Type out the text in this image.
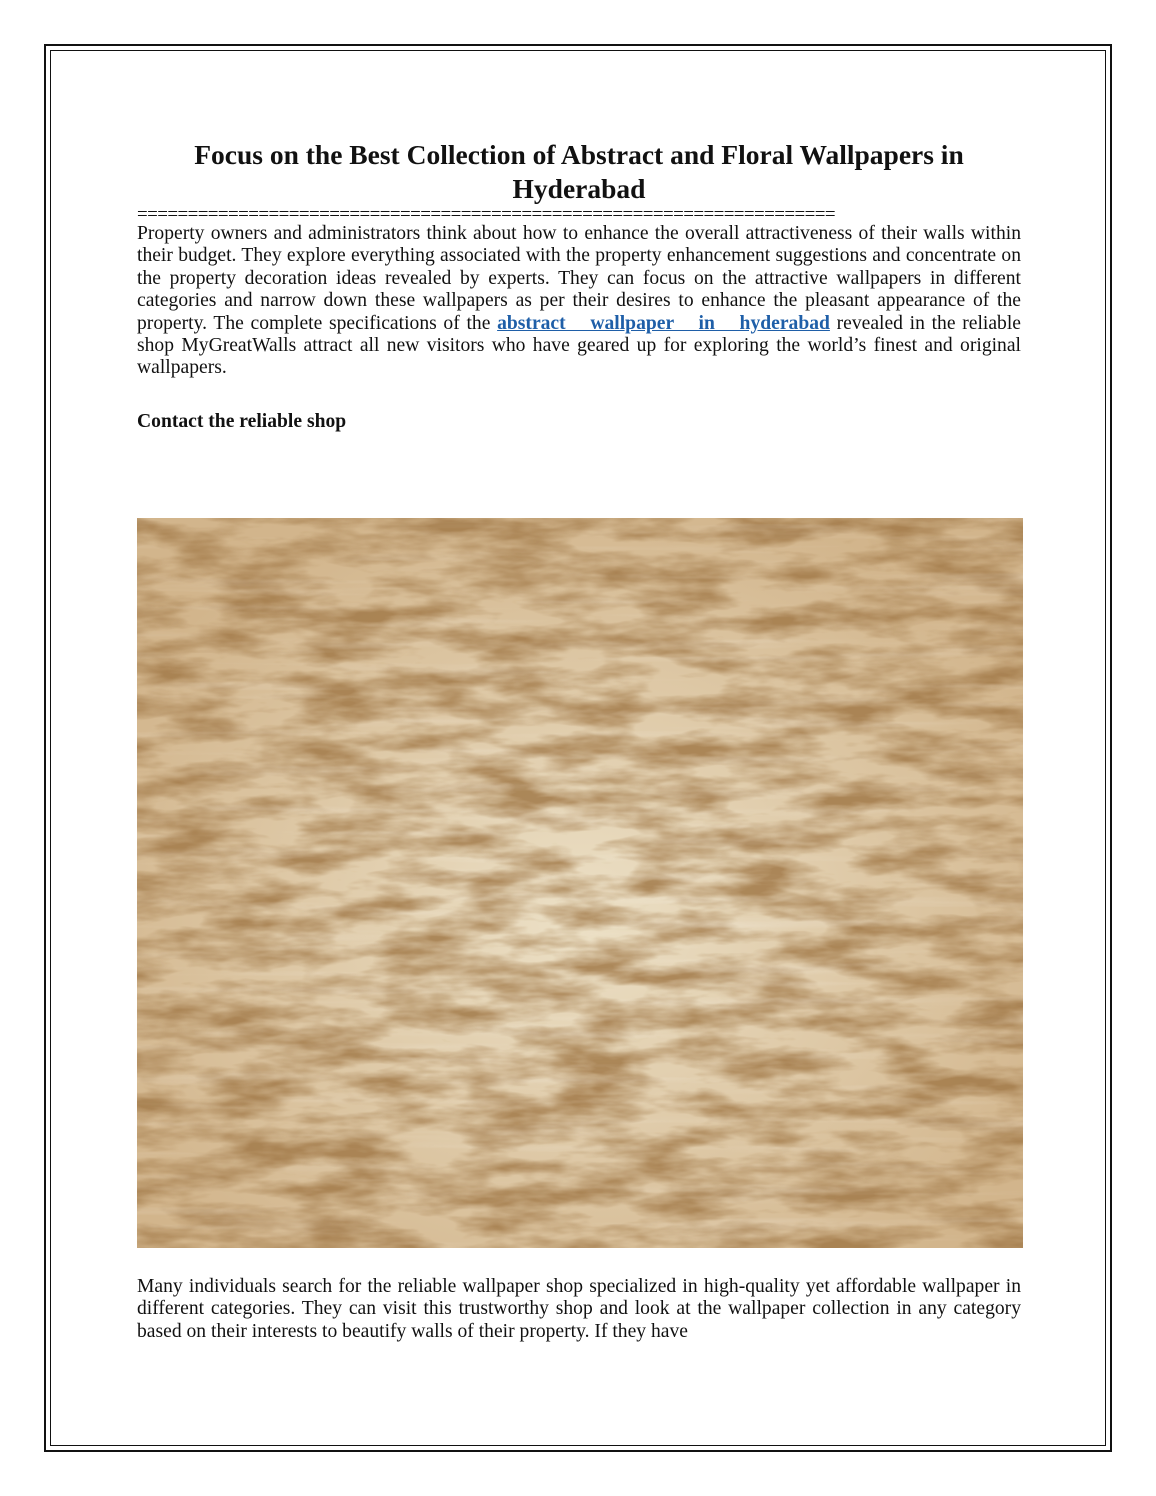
Focus on the Best Collection of Abstract and Floral Wallpapers in Hyderabad
=====================================================================

Property owners and administrators think about how to enhance the overall attractiveness of their walls within their budget. They explore everything associated with the property enhancement suggestions and concentrate on the property decoration ideas revealed by experts. They can focus on the attractive wallpapers in different categories and narrow down these wallpapers as per their desires to enhance the pleasant appearance of the property. The complete specifications of the abstract wallpaper in hyderabad revealed in the reliable shop MyGreatWalls attract all new visitors who have geared up for exploring the world’s finest and original wallpapers.

Contact the reliable shop

Many individuals search for the reliable wallpaper shop specialized in high-quality yet affordable wallpaper in different categories. They can visit this trustworthy shop and look at the wallpaper collection in any category based on their interests to beautify walls of their property. If they have
